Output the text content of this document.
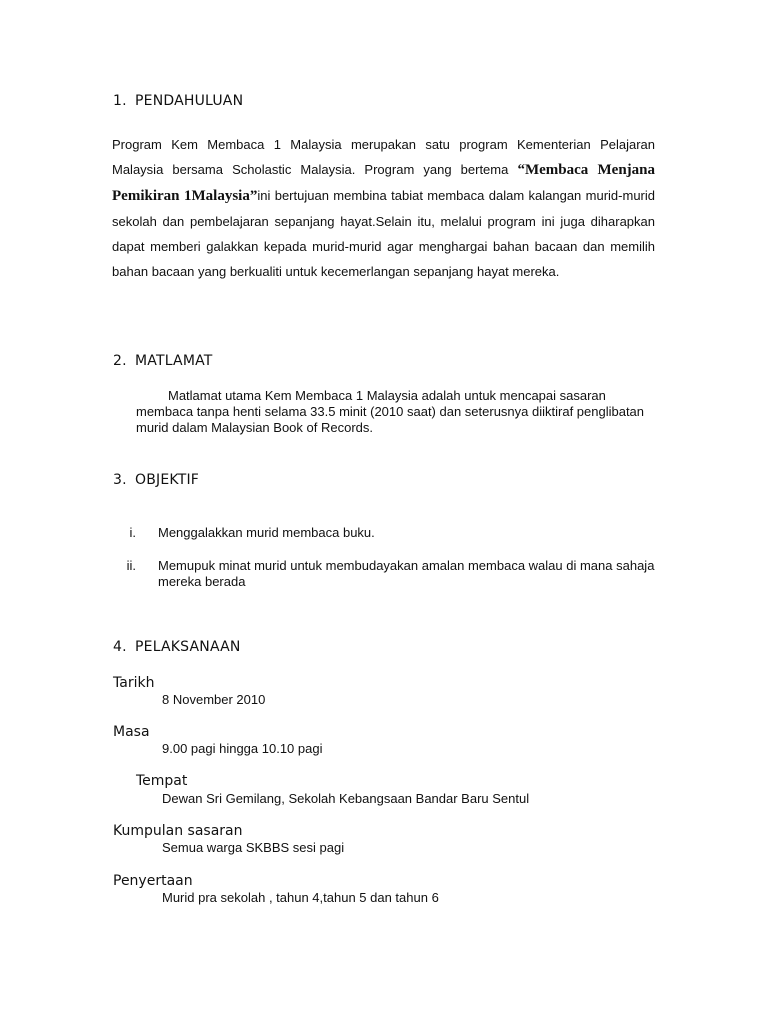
1. PENDAHULUAN
Program Kem Membaca 1 Malaysia merupakan satu program Kementerian Pelajaran Malaysia bersama Scholastic Malaysia. Program yang bertema “Membaca Menjana Pemikiran 1Malaysia”ini bertujuan membina tabiat membaca dalam kalangan murid-murid sekolah dan pembelajaran sepanjang hayat.Selain itu, melalui program ini juga diharapkan dapat memberi galakkan kepada murid-murid agar menghargai bahan bacaan dan memilih bahan bacaan yang berkualiti untuk kecemerlangan sepanjang hayat mereka.
2. MATLAMAT
Matlamat utama Kem Membaca 1 Malaysia adalah untuk mencapai sasaran membaca tanpa henti selama 33.5 minit (2010 saat) dan seterusnya diiktiraf penglibatan murid dalam Malaysian Book of Records.
3. OBJEKTIF
i. Menggalakkan murid membaca buku.
ii. Memupuk minat murid untuk membudayakan amalan membaca walau di mana sahaja
mereka berada
4. PELAKSANAAN
Tarikh
8 November 2010
Masa
9.00 pagi hingga 10.10 pagi
Tempat
Dewan Sri Gemilang, Sekolah Kebangsaan Bandar Baru Sentul
Kumpulan sasaran
Semua warga SKBBS sesi pagi
Penyertaan
Murid pra sekolah , tahun 4,tahun 5 dan tahun 6
